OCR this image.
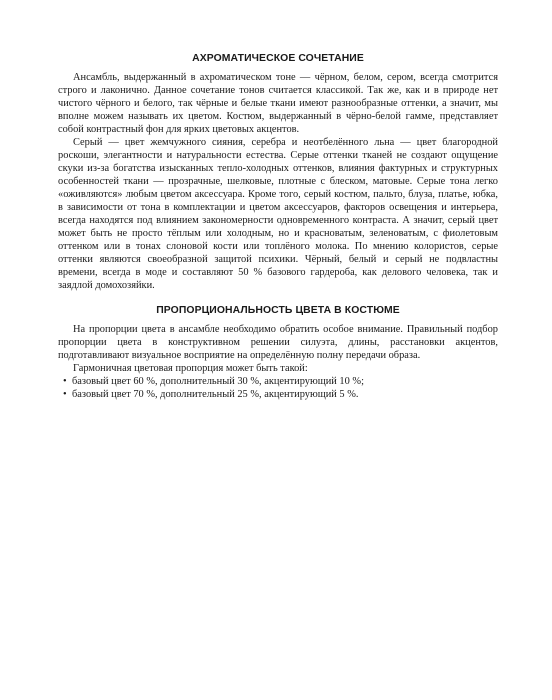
АХРОМАТИЧЕСКОЕ СОЧЕТАНИЕ

Ансамбль, выдержанный в ахроматическом тоне — чёрном, белом, сером, всегда смотрится строго и лаконично. Данное сочетание тонов считается классикой. Так же, как и в природе нет чистого чёрного и белого, так чёрные и белые ткани имеют разнообразные оттенки, а значит, мы вполне можем называть их цветом. Костюм, выдержанный в чёрно-белой гамме, представляет собой контрастный фон для ярких цветовых акцентов.

Серый — цвет жемчужного сияния, серебра и неотбелённого льна — цвет благородной роскоши, элегантности и натуральности естества. Серые оттенки тканей не создают ощущение скуки из-за богатства изысканных тепло-холодных оттенков, влияния фактурных и структурных особенностей ткани — прозрачные, шелковые, плотные с блеском, матовые. Серые тона легко «оживляются» любым цветом аксессуара. Кроме того, серый костюм, пальто, блуза, платье, юбка, в зависимости от тона в комплектации и цветом аксессуаров, факторов освещения и интерьера, всегда находятся под влиянием закономерности одновременного контраста. А значит, серый цвет может быть не просто тёплым или холодным, но и красноватым, зеленоватым, с фиолетовым оттенком или в тонах слоновой кости или топлёного молока. По мнению колористов, серые оттенки являются своеобразной защитой психики. Чёрный, белый и серый не подвластны времени, всегда в моде и составляют 50 % базового гардероба, как делового человека, так и заядлой домохозяйки.

ПРОПОРЦИОНАЛЬНОСТЬ ЦВЕТА В КОСТЮМЕ

На пропорции цвета в ансамбле необходимо обратить особое внимание. Правильный подбор пропорции цвета в конструктивном решении силуэта, длины, расстановки акцентов, подготавливают визуальное восприятие на определённую полну передачи образа.

Гармоничная цветовая пропорция может быть такой:

• базовый цвет 60 %, дополнительный 30 %, акцентирующий 10 %;
• базовый цвет 70 %, дополнительный 25 %, акцентирующий 5 %.
